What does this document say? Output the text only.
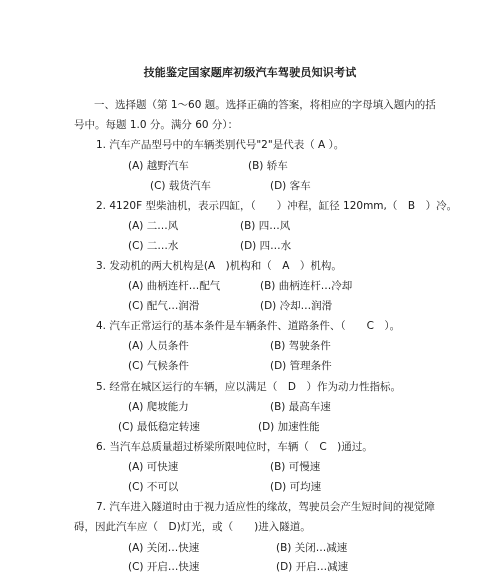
技能鉴定国家题库初级汽车驾驶员知识考试
一、选择题（第 1～60 题。选择正确的答案，将相应的字母填入题内的括
号中。每题 1.0 分。满分 60 分）：
1. 汽车产品型号中的车辆类别代号"2"是代表（ A ）。
(A) 越野汽车	(B) 轿车
(C) 载货汽车	(D) 客车
2. 4120F 型柴油机，表示四缸，（　　）冲程，缸径 120mm,（　B　）冷。
(A) 二…风	(B) 四…风
(C) 二…水	(D) 四…水
3. 发动机的两大机构是(A　)机构和（　A　）机构。
(A) 曲柄连杆…配气	(B) 曲柄连杆…冷却
(C) 配气…润滑	(D) 冷却…润滑
4. 汽车正常运行的基本条件是车辆条件、道路条件、（　　C　）。
(A) 人员条件	(B) 驾驶条件
(C) 气候条件	(D) 管理条件
5. 经常在城区运行的车辆，应以满足（　D　）作为动力性指标。
(A) 爬坡能力	(B) 最高车速
(C) 最低稳定转速	(D) 加速性能
6. 当汽车总质量超过桥梁所限吨位时，车辆（　C　)通过。
(A) 可快速	(B) 可慢速
(C) 不可以	(D) 可均速
7. 汽车进入隧道时由于视力适应性的缘故，驾驶员会产生短时间的视觉障
碍，因此汽车应（　D)灯光，或（　　)进入隧道。
(A) 关闭…快速	(B) 关闭…减速
(C) 开启…快速	(D) 开启…减速
